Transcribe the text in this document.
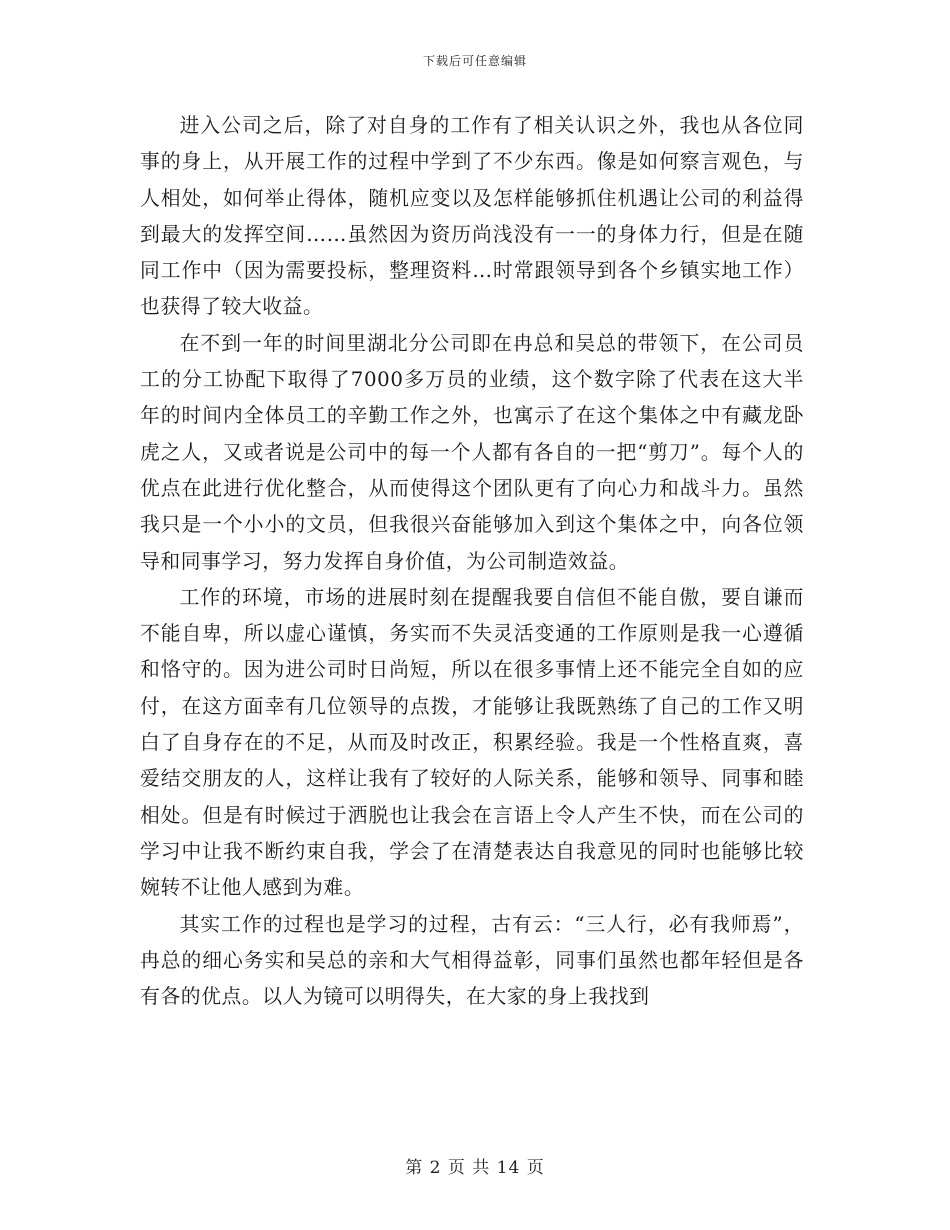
下载后可任意编辑

进入公司之后，除了对自身的工作有了相关认识之外，我也从各位同事的身上，从开展工作的过程中学到了不少东西。像是如何察言观色，与人相处，如何举止得体，随机应变以及怎样能够抓住机遇让公司的利益得到最大的发挥空间……虽然因为资历尚浅没有一一的身体力行，但是在随同工作中（因为需要投标，整理资料…时常跟领导到各个乡镇实地工作）也获得了较大收益。

在不到一年的时间里湖北分公司即在冉总和吴总的带领下，在公司员工的分工协配下取得了7000多万员的业绩，这个数字除了代表在这大半年的时间内全体员工的辛勤工作之外，也寓示了在这个集体之中有藏龙卧虎之人，又或者说是公司中的每一个人都有各自的一把“剪刀”。每个人的优点在此进行优化整合，从而使得这个团队更有了向心力和战斗力。虽然我只是一个小小的文员，但我很兴奋能够加入到这个集体之中，向各位领导和同事学习，努力发挥自身价值，为公司制造效益。

工作的环境，市场的进展时刻在提醒我要自信但不能自傲，要自谦而不能自卑，所以虚心谨慎，务实而不失灵活变通的工作原则是我一心遵循和恪守的。因为进公司时日尚短，所以在很多事情上还不能完全自如的应付，在这方面幸有几位领导的点拨，才能够让我既熟练了自己的工作又明白了自身存在的不足，从而及时改正，积累经验。我是一个性格直爽，喜爱结交朋友的人，这样让我有了较好的人际关系，能够和领导、同事和睦相处。但是有时候过于洒脱也让我会在言语上令人产生不快，而在公司的学习中让我不断约束自我，学会了在清楚表达自我意见的同时也能够比较婉转不让他人感到为难。

其实工作的过程也是学习的过程，古有云：“三人行，必有我师焉”，冉总的细心务实和吴总的亲和大气相得益彰，同事们虽然也都年轻但是各有各的优点。以人为镜可以明得失，在大家的身上我找到

第 2 页 共 14 页
